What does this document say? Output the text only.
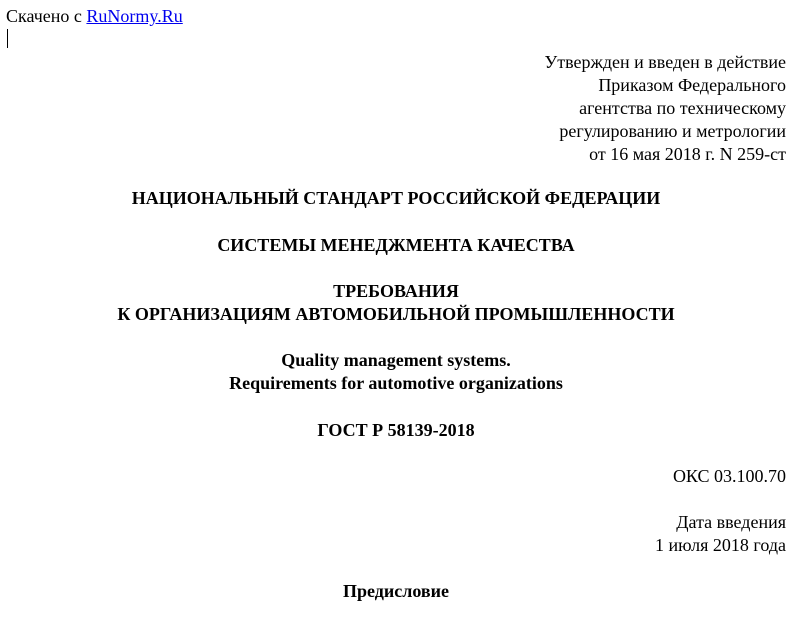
Скачено с RuNormy.Ru
Утвержден и введен в действие
Приказом Федерального
агентства по техническому
регулированию и метрологии
от 16 мая 2018 г. N 259-ст
НАЦИОНАЛЬНЫЙ СТАНДАРТ РОССИЙСКОЙ ФЕДЕРАЦИИ
СИСТЕМЫ МЕНЕДЖМЕНТА КАЧЕСТВА
ТРЕБОВАНИЯ
К ОРГАНИЗАЦИЯМ АВТОМОБИЛЬНОЙ ПРОМЫШЛЕННОСТИ
Quality management systems.
Requirements for automotive organizations
ГОСТ Р 58139-2018
ОКС 03.100.70
Дата введения
1 июля 2018 года
Предисловие
